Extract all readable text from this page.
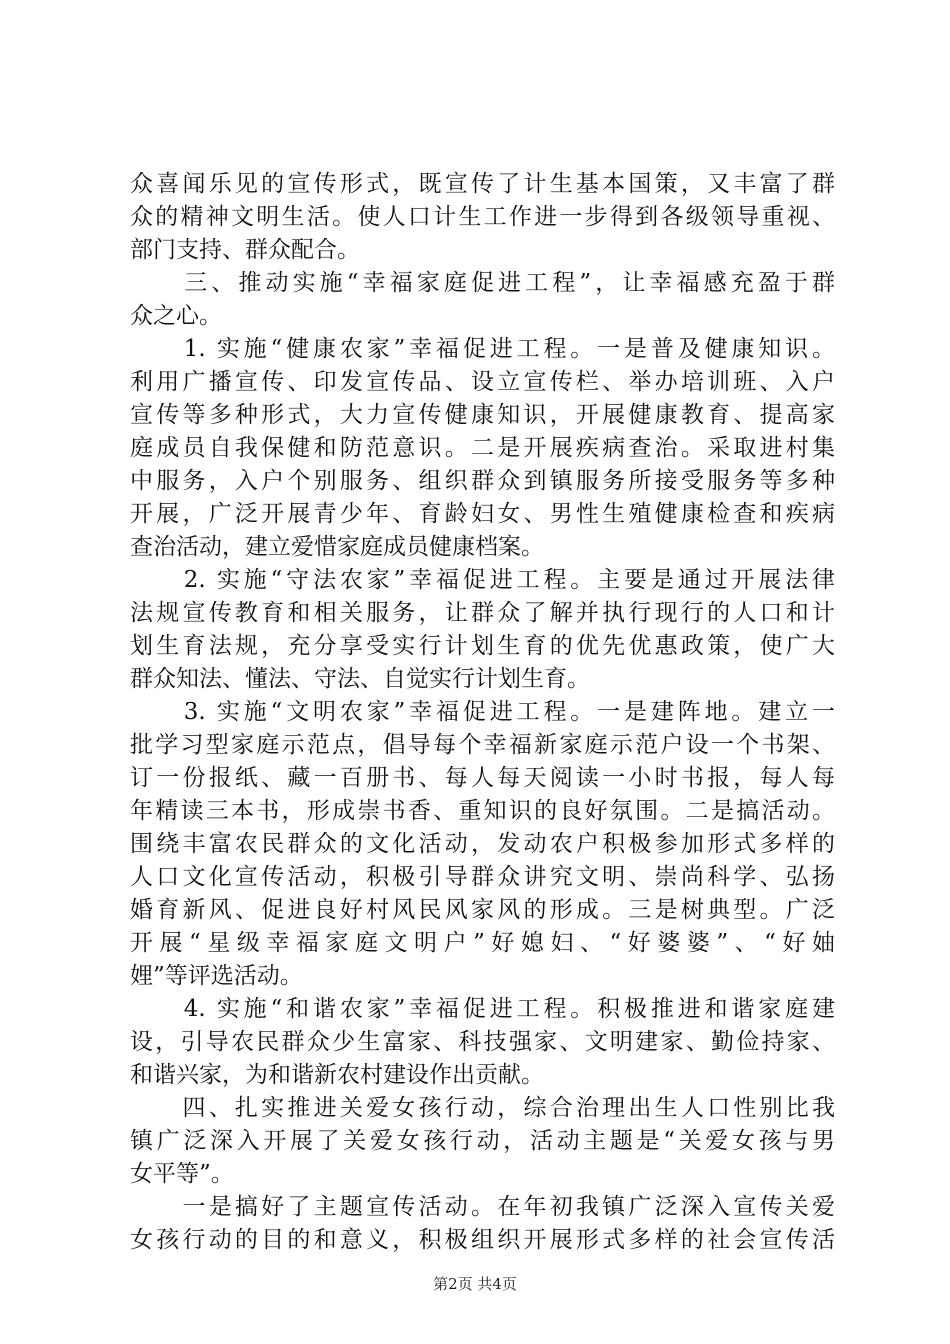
众喜闻乐见的宣传形式，既宣传了计生基本国策，又丰富了群
众的精神文明生活。使人口计生工作进一步得到各级领导重视、
部门支持、群众配合。
　　三、推动实施“幸福家庭促进工程”，让幸福感充盈于群
众之心。
　　1. 实施“健康农家”幸福促进工程。一是普及健康知识。
利用广播宣传、印发宣传品、设立宣传栏、举办培训班、入户
宣传等多种形式，大力宣传健康知识，开展健康教育、提高家
庭成员自我保健和防范意识。二是开展疾病查治。采取进村集
中服务，入户个别服务、组织群众到镇服务所接受服务等多种
开展，广泛开展青少年、育龄妇女、男性生殖健康检查和疾病
查治活动，建立爱惜家庭成员健康档案。
　　2. 实施“守法农家”幸福促进工程。主要是通过开展法律
法规宣传教育和相关服务，让群众了解并执行现行的人口和计
划生育法规，充分享受实行计划生育的优先优惠政策，使广大
群众知法、懂法、守法、自觉实行计划生育。
　　3. 实施“文明农家”幸福促进工程。一是建阵地。建立一
批学习型家庭示范点，倡导每个幸福新家庭示范户设一个书架、
订一份报纸、藏一百册书、每人每天阅读一小时书报，每人每
年精读三本书，形成崇书香、重知识的良好氛围。二是搞活动。
围绕丰富农民群众的文化活动，发动农户积极参加形式多样的
人口文化宣传活动，积极引导群众讲究文明、崇尚科学、弘扬
婚育新风、促进良好村风民风家风的形成。三是树典型。广泛
开展“星级幸福家庭文明户”好媳妇、“好婆婆”、“好妯
娌”等评选活动。
　　4. 实施“和谐农家”幸福促进工程。积极推进和谐家庭建
设，引导农民群众少生富家、科技强家、文明建家、勤俭持家、
和谐兴家，为和谐新农村建设作出贡献。
　　四、扎实推进关爱女孩行动，综合治理出生人口性别比我
镇广泛深入开展了关爱女孩行动，活动主题是“关爱女孩与男
女平等”。
　　一是搞好了主题宣传活动。在年初我镇广泛深入宣传关爱
女孩行动的目的和意义，积极组织开展形式多样的社会宣传活
第2页 共4页
